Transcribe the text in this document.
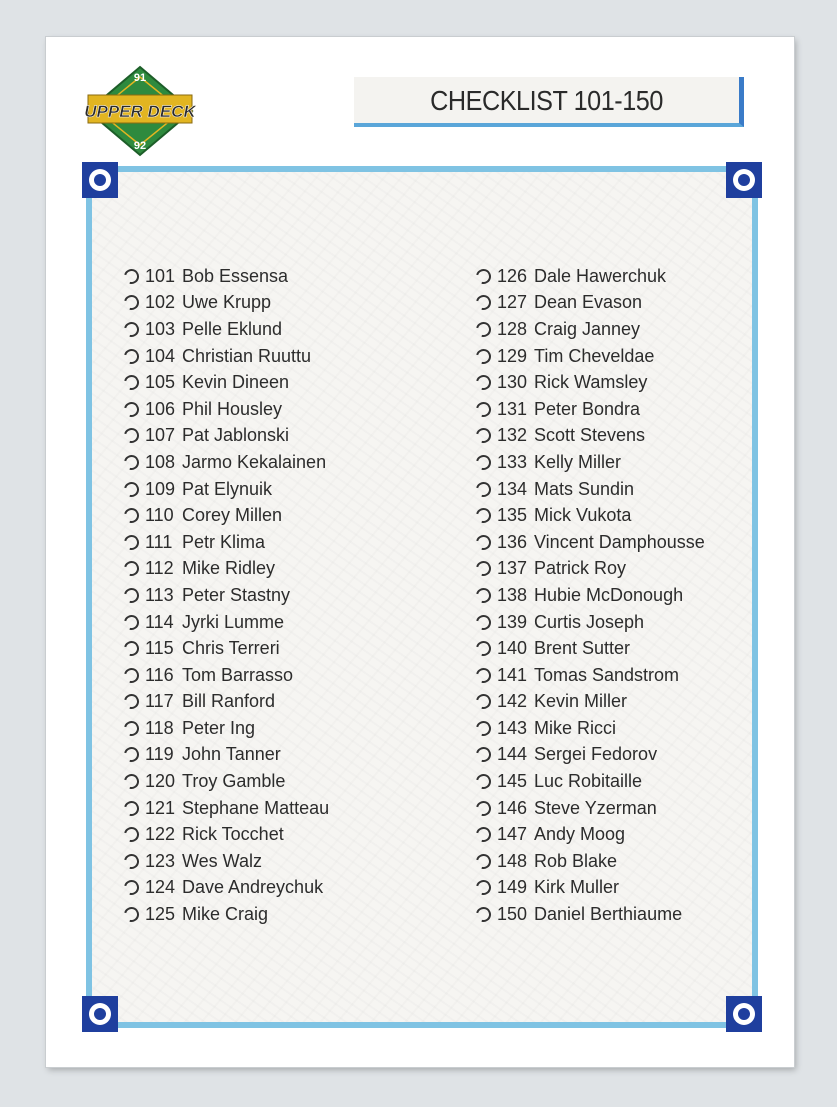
91
UPPER DECK
92
CHECKLIST 101-150
101 Bob Essensa
102 Uwe Krupp
103 Pelle Eklund
104 Christian Ruuttu
105 Kevin Dineen
106 Phil Housley
107 Pat Jablonski
108 Jarmo Kekalainen
109 Pat Elynuik
110 Corey Millen
111 Petr Klima
112 Mike Ridley
113 Peter Stastny
114 Jyrki Lumme
115 Chris Terreri
116 Tom Barrasso
117 Bill Ranford
118 Peter Ing
119 John Tanner
120 Troy Gamble
121 Stephane Matteau
122 Rick Tocchet
123 Wes Walz
124 Dave Andreychuk
125 Mike Craig
126 Dale Hawerchuk
127 Dean Evason
128 Craig Janney
129 Tim Cheveldae
130 Rick Wamsley
131 Peter Bondra
132 Scott Stevens
133 Kelly Miller
134 Mats Sundin
135 Mick Vukota
136 Vincent Damphousse
137 Patrick Roy
138 Hubie McDonough
139 Curtis Joseph
140 Brent Sutter
141 Tomas Sandstrom
142 Kevin Miller
143 Mike Ricci
144 Sergei Fedorov
145 Luc Robitaille
146 Steve Yzerman
147 Andy Moog
148 Rob Blake
149 Kirk Muller
150 Daniel Berthiaume
